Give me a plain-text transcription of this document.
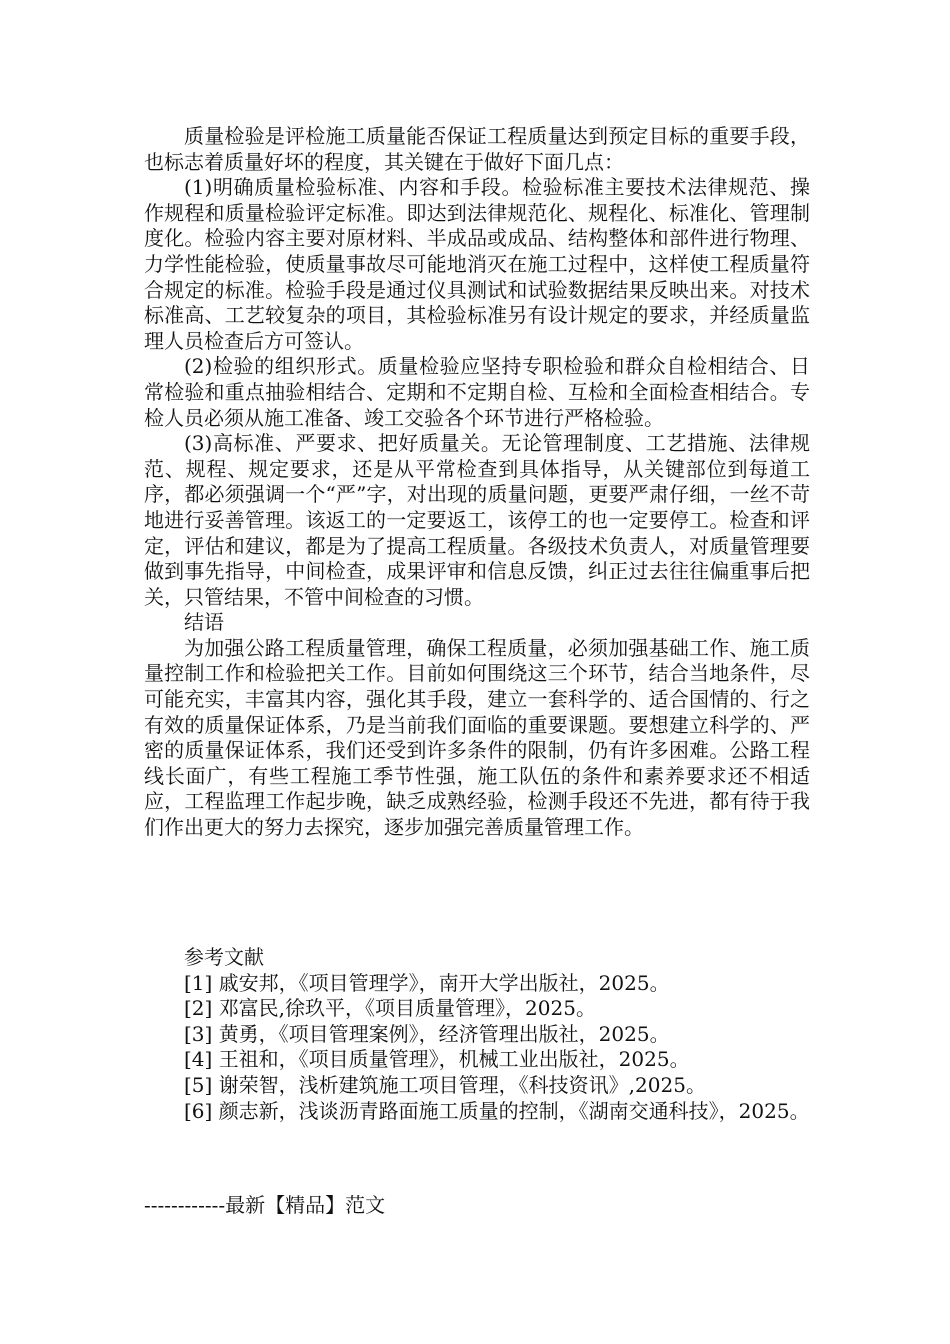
质量检验是评检施工质量能否保证工程质量达到预定目标的重要手段，也标志着质量好坏的程度，其关键在于做好下面几点：

(1)明确质量检验标准、内容和手段。检验标准主要技术法律规范、操作规程和质量检验评定标准。即达到法律规范化、规程化、标准化、管理制度化。检验内容主要对原材料、半成品或成品、结构整体和部件进行物理、力学性能检验，使质量事故尽可能地消灭在施工过程中，这样使工程质量符合规定的标准。检验手段是通过仪具测试和试验数据结果反映出来。对技术标准高、工艺较复杂的项目，其检验标准另有设计规定的要求，并经质量监理人员检查后方可签认。

(2)检验的组织形式。质量检验应坚持专职检验和群众自检相结合、日常检验和重点抽验相结合、定期和不定期自检、互检和全面检查相结合。专检人员必须从施工准备、竣工交验各个环节进行严格检验。

(3)高标准、严要求、把好质量关。无论管理制度、工艺措施、法律规范、规程、规定要求，还是从平常检查到具体指导，从关键部位到每道工序，都必须强调一个“严”字，对出现的质量问题，更要严肃仔细，一丝不苛地进行妥善管理。该返工的一定要返工，该停工的也一定要停工。检查和评定，评估和建议，都是为了提高工程质量。各级技术负责人，对质量管理要做到事先指导，中间检查，成果评审和信息反馈，纠正过去往往偏重事后把关，只管结果，不管中间检查的习惯。

结语

为加强公路工程质量管理，确保工程质量，必须加强基础工作、施工质量控制工作和检验把关工作。目前如何围绕这三个环节，结合当地条件，尽可能充实，丰富其内容，强化其手段，建立一套科学的、适合国情的、行之有效的质量保证体系，乃是当前我们面临的重要课题。要想建立科学的、严密的质量保证体系，我们还受到许多条件的限制，仍有许多困难。公路工程线长面广，有些工程施工季节性强，施工队伍的条件和素养要求还不相适应，工程监理工作起步晚，缺乏成熟经验，检测手段还不先进，都有待于我们作出更大的努力去探究，逐步加强完善质量管理工作。

参考文献

[1] 戚安邦，《项目管理学》，南开大学出版社，2025。

[2] 邓富民,徐玖平，《项目质量管理》，2025。

[3] 黄勇，《项目管理案例》，经济管理出版社，2025。

[4] 王祖和，《项目质量管理》，机械工业出版社，2025。

[5] 谢荣智，浅析建筑施工项目管理，《科技资讯》,2025。

[6] 颜志新，浅谈沥青路面施工质量的控制，《湖南交通科技》，2025。

------------最新【精品】范文
